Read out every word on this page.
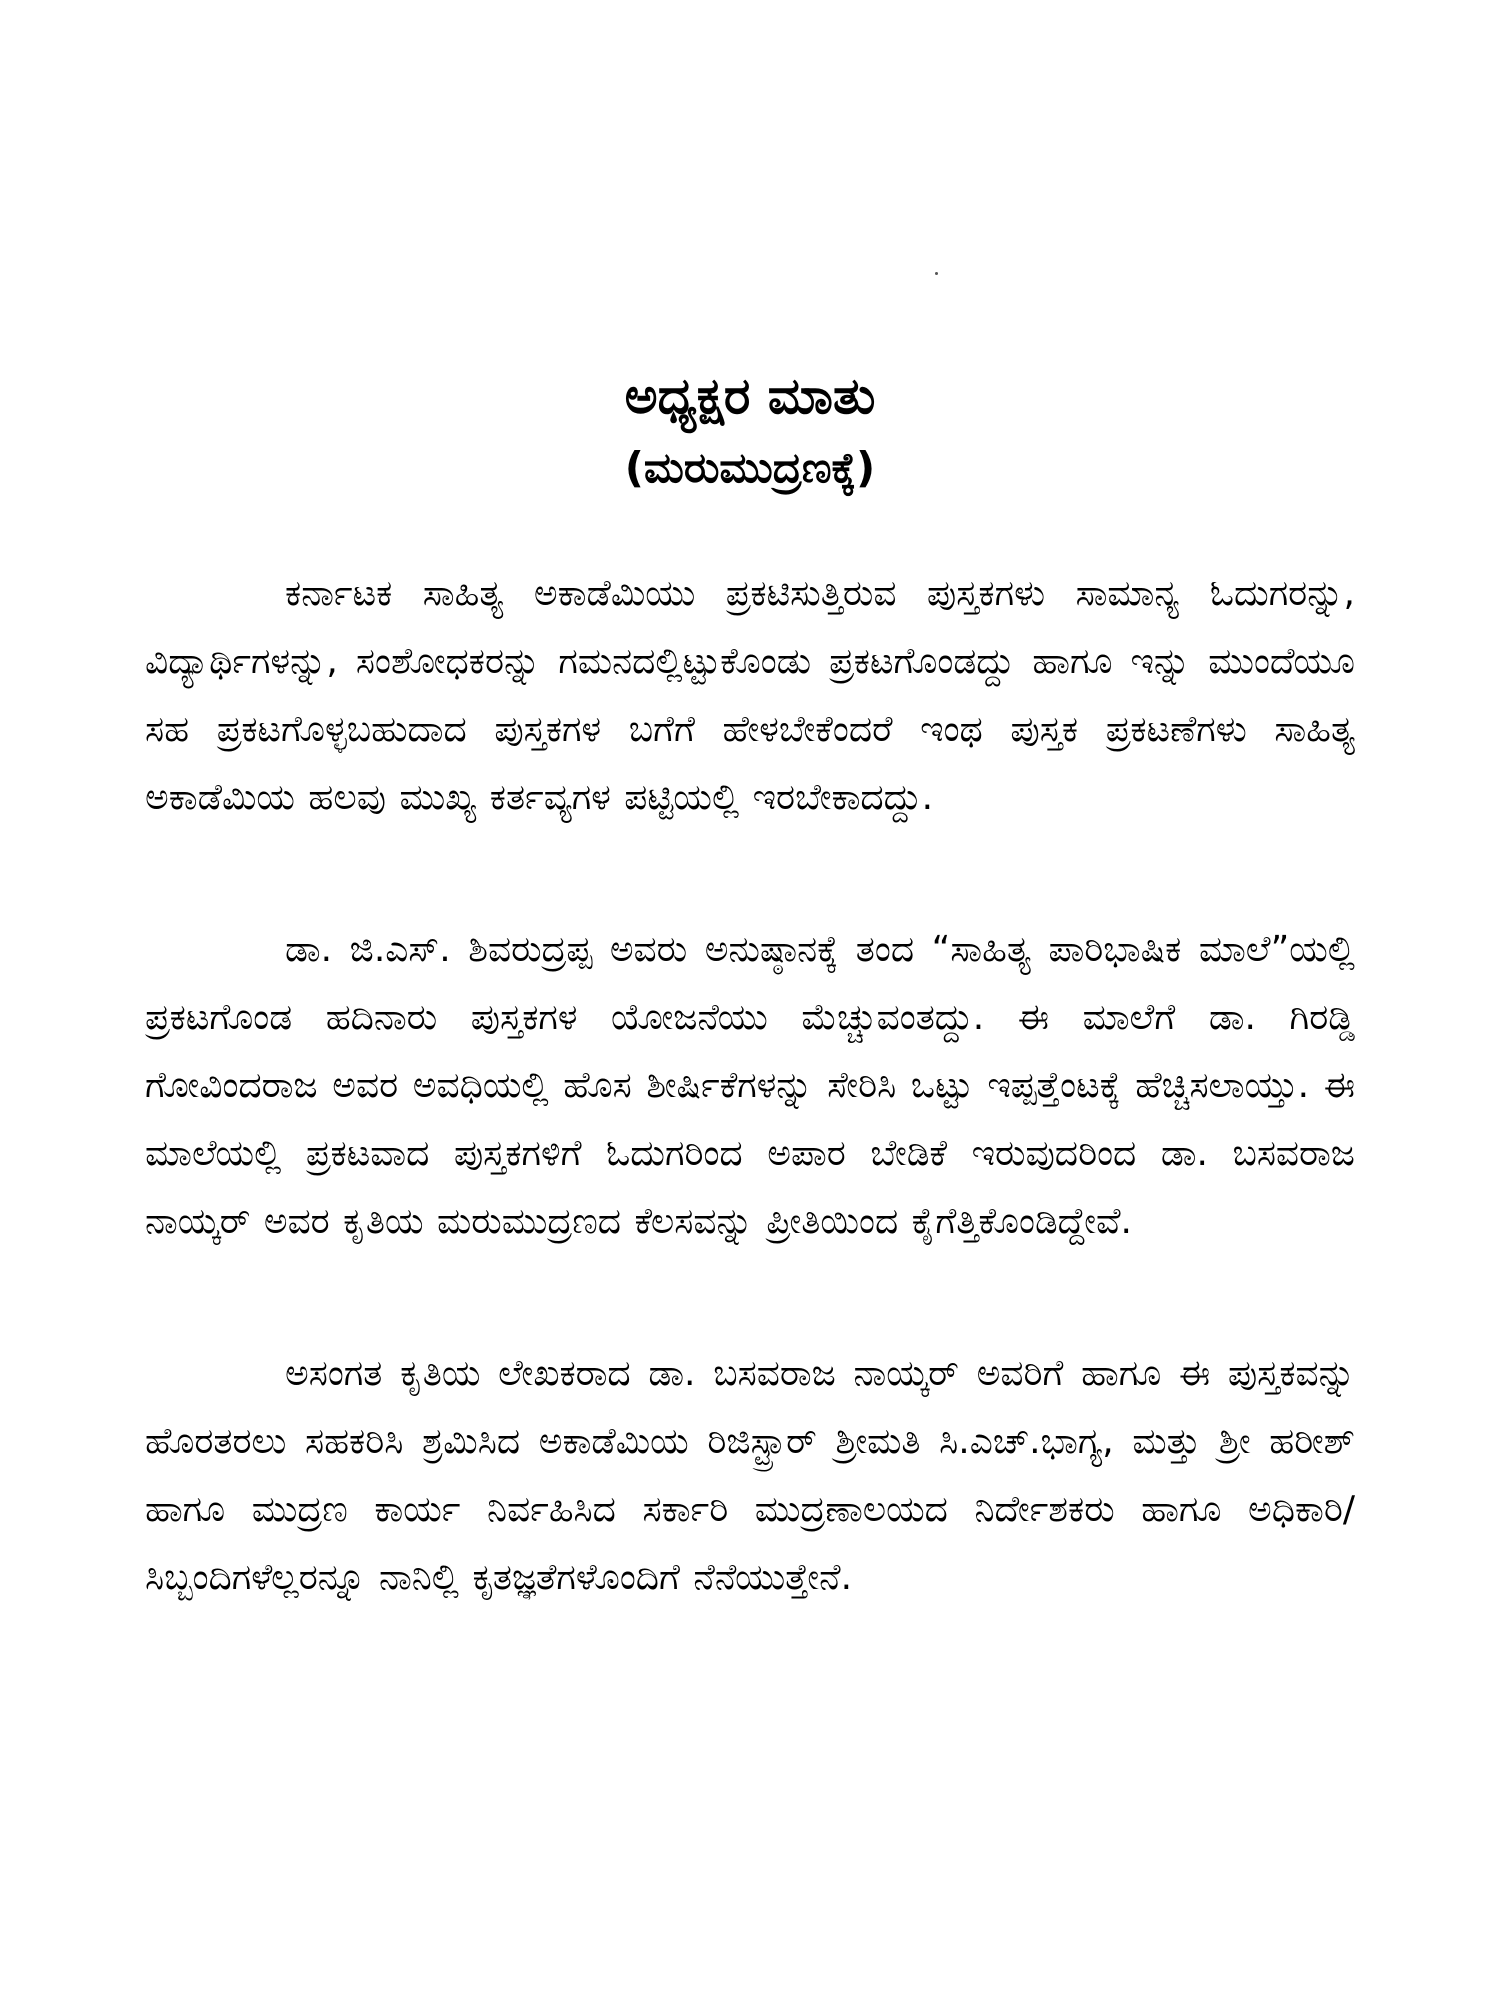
ಅಧ್ಯಕ್ಷರ ಮಾತು
(ಮರುಮುದ್ರಣಕ್ಕೆ)

ಕರ್ನಾಟಕ ಸಾಹಿತ್ಯ ಅಕಾಡೆಮಿಯು ಪ್ರಕಟಿಸುತ್ತಿರುವ ಪುಸ್ತಕಗಳು ಸಾಮಾನ್ಯ ಓದುಗರನ್ನು, ವಿದ್ಯಾರ್ಥಿಗಳನ್ನು, ಸಂಶೋಧಕರನ್ನು ಗಮನದಲ್ಲಿಟ್ಟುಕೊಂಡು ಪ್ರಕಟಗೊಂಡದ್ದು ಹಾಗೂ ಇನ್ನು ಮುಂದೆಯೂ ಸಹ ಪ್ರಕಟಗೊಳ್ಳಬಹುದಾದ ಪುಸ್ತಕಗಳ ಬಗೆಗೆ ಹೇಳಬೇಕೆಂದರೆ ಇಂಥ ಪುಸ್ತಕ ಪ್ರಕಟಣೆಗಳು ಸಾಹಿತ್ಯ ಅಕಾಡೆಮಿಯ ಹಲವು ಮುಖ್ಯ ಕರ್ತವ್ಯಗಳ ಪಟ್ಟಿಯಲ್ಲಿ ಇರಬೇಕಾದದ್ದು.

ಡಾ. ಜಿ.ಎಸ್. ಶಿವರುದ್ರಪ್ಪ ಅವರು ಅನುಷ್ಠಾನಕ್ಕೆ ತಂದ “ಸಾಹಿತ್ಯ ಪಾರಿಭಾಷಿಕ ಮಾಲೆ”ಯಲ್ಲಿ ಪ್ರಕಟಗೊಂಡ ಹದಿನಾರು ಪುಸ್ತಕಗಳ ಯೋಜನೆಯು ಮೆಚ್ಚುವಂತದ್ದು. ಈ ಮಾಲೆಗೆ ಡಾ. ಗಿರಡ್ಡಿ ಗೋವಿಂದರಾಜ ಅವರ ಅವಧಿಯಲ್ಲಿ ಹೊಸ ಶೀರ್ಷಿಕೆಗಳನ್ನು ಸೇರಿಸಿ ಒಟ್ಟು ಇಪ್ಪತ್ತೆಂಟಕ್ಕೆ ಹೆಚ್ಚಿಸಲಾಯ್ತು. ಈ ಮಾಲೆಯಲ್ಲಿ ಪ್ರಕಟವಾದ ಪುಸ್ತಕಗಳಿಗೆ ಓದುಗರಿಂದ ಅಪಾರ ಬೇಡಿಕೆ ಇರುವುದರಿಂದ ಡಾ. ಬಸವರಾಜ ನಾಯ್ಕರ್ ಅವರ ಕೃತಿಯ ಮರುಮುದ್ರಣದ ಕೆಲಸವನ್ನು ಪ್ರೀತಿಯಿಂದ ಕೈಗೆತ್ತಿಕೊಂಡಿದ್ದೇವೆ.

ಅಸಂಗತ ಕೃತಿಯ ಲೇಖಕರಾದ ಡಾ. ಬಸವರಾಜ ನಾಯ್ಕರ್ ಅವರಿಗೆ ಹಾಗೂ ಈ ಪುಸ್ತಕವನ್ನು ಹೊರತರಲು ಸಹಕರಿಸಿ ಶ್ರಮಿಸಿದ ಅಕಾಡೆಮಿಯ ರಿಜಿಸ್ಟ್ರಾರ್ ಶ್ರೀಮತಿ ಸಿ.ಎಚ್.ಭಾಗ್ಯ, ಮತ್ತು ಶ್ರೀ ಹರೀಶ್ ಹಾಗೂ ಮುದ್ರಣ ಕಾರ್ಯ ನಿರ್ವಹಿಸಿದ ಸರ್ಕಾರಿ ಮುದ್ರಣಾಲಯದ ನಿರ್ದೇಶಕರು ಹಾಗೂ ಅಧಿಕಾರಿ/ ಸಿಬ್ಬಂದಿಗಳೆಲ್ಲರನ್ನೂ ನಾನಿಲ್ಲಿ ಕೃತಜ್ಞತೆಗಳೊಂದಿಗೆ ನೆನೆಯುತ್ತೇನೆ.
